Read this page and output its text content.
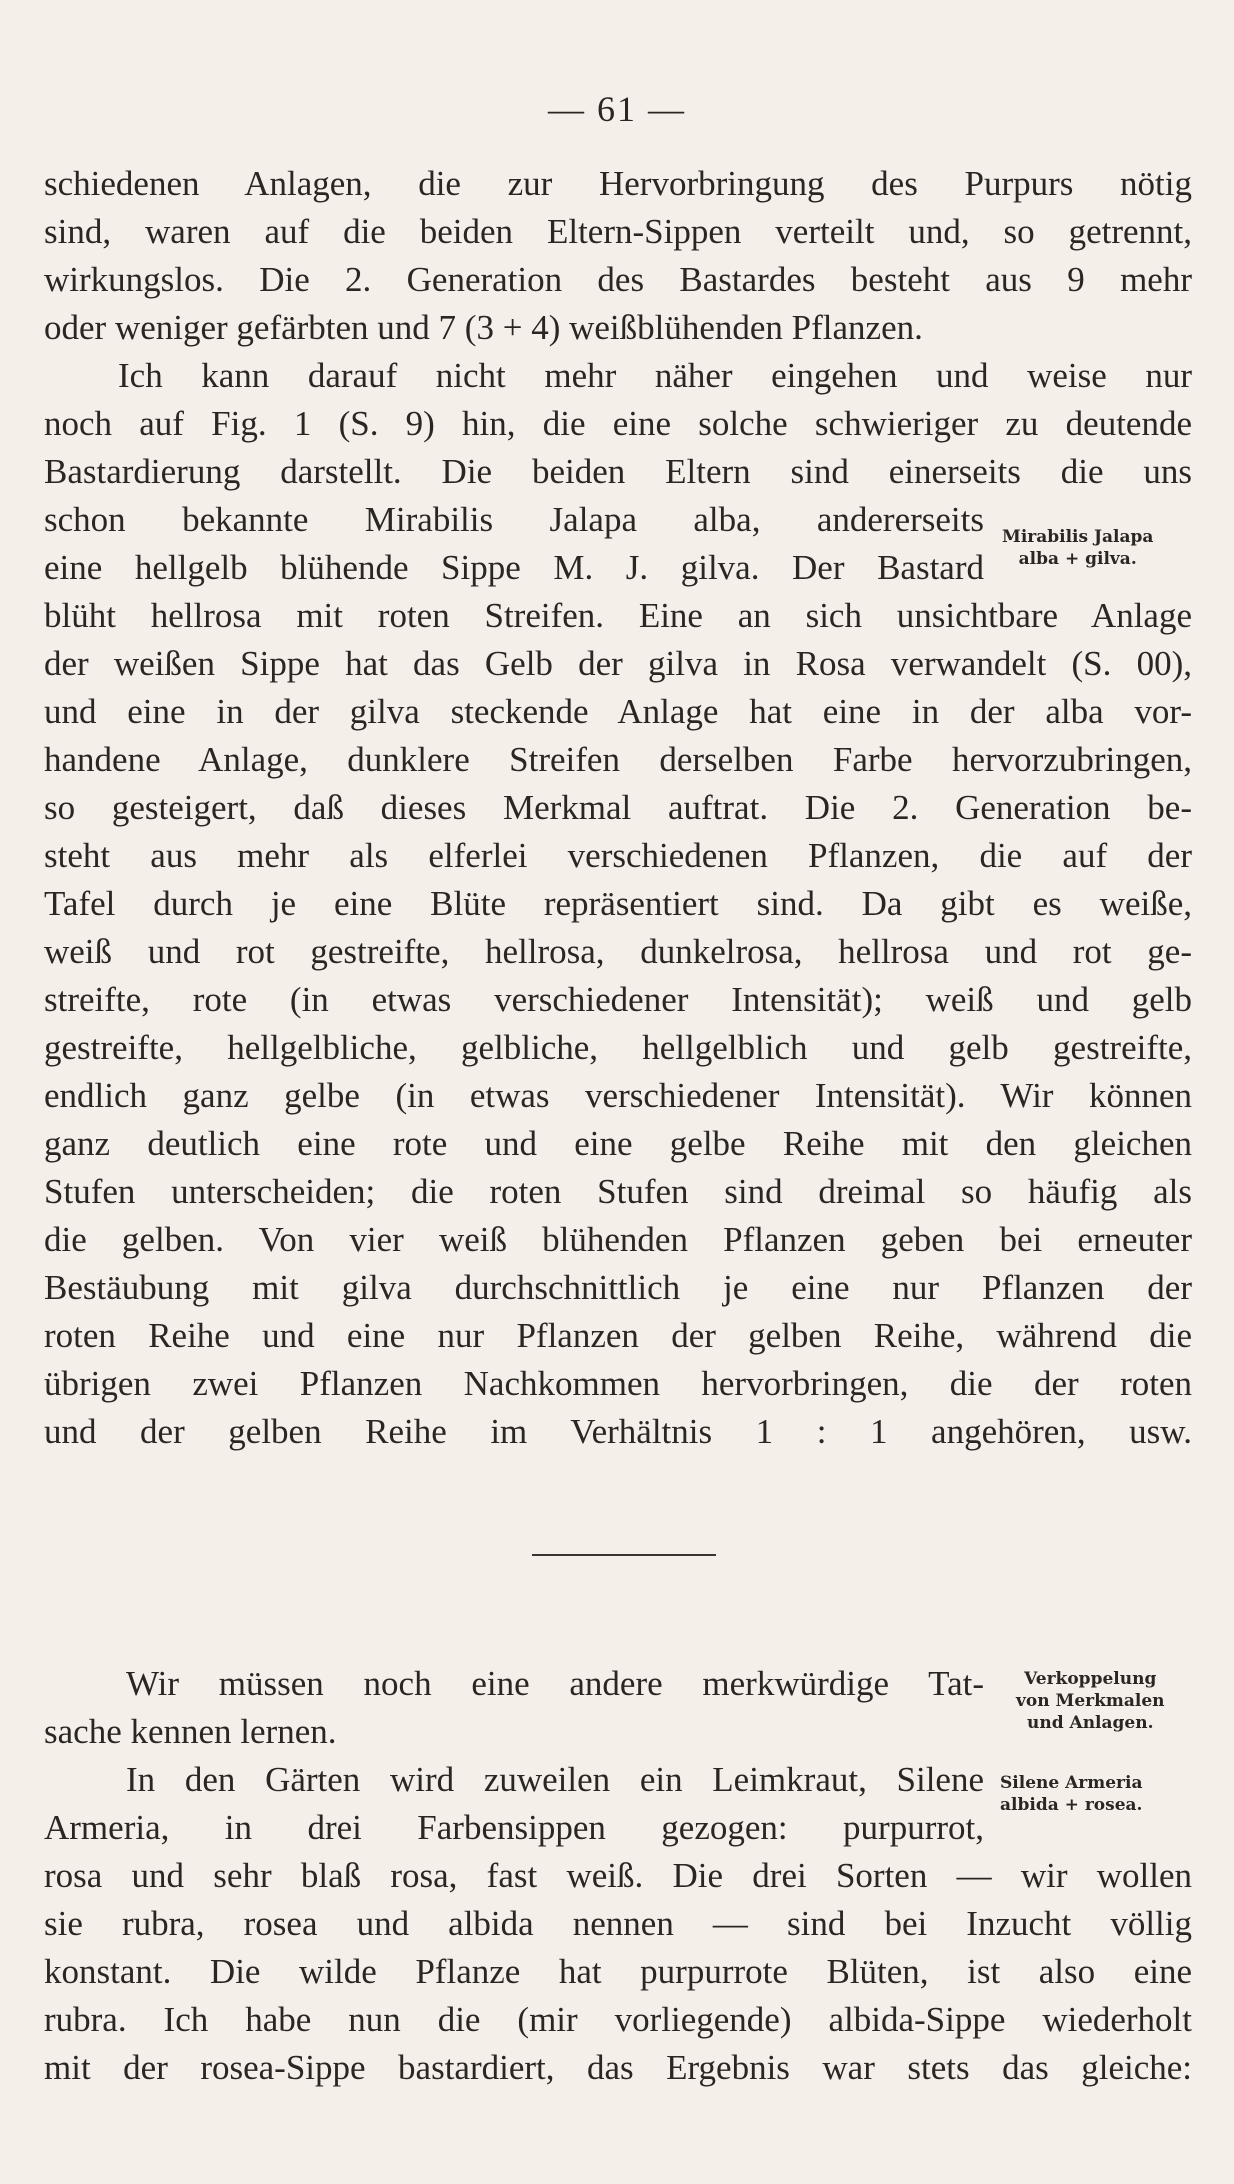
— 61 —
schiedenen Anlagen, die zur Hervorbringung des Purpurs nötig
sind, waren auf die beiden Eltern-Sippen verteilt und, so getrennt,
wirkungslos. Die 2. Generation des Bastardes besteht aus 9 mehr
oder weniger gefärbten und 7 (3 + 4) weißblühenden Pflanzen.
Ich kann darauf nicht mehr näher eingehen und weise nur
noch auf Fig. 1 (S. 9) hin, die eine solche schwieriger zu deutende
Bastardierung darstellt. Die beiden Eltern sind einerseits die uns
schon bekannte Mirabilis Jalapa alba, andererseits
eine hellgelb blühende Sippe M. J. gilva. Der Bastard
blüht hellrosa mit roten Streifen. Eine an sich unsichtbare Anlage
der weißen Sippe hat das Gelb der gilva in Rosa verwandelt (S. 00),
und eine in der gilva steckende Anlage hat eine in der alba vor-
handene Anlage, dunklere Streifen derselben Farbe hervorzubringen,
so gesteigert, daß dieses Merkmal auftrat. Die 2. Generation be-
steht aus mehr als elferlei verschiedenen Pflanzen, die auf der
Tafel durch je eine Blüte repräsentiert sind. Da gibt es weiße,
weiß und rot gestreifte, hellrosa, dunkelrosa, hellrosa und rot ge-
streifte, rote (in etwas verschiedener Intensität); weiß und gelb
gestreifte, hellgelbliche, gelbliche, hellgelblich und gelb gestreifte,
endlich ganz gelbe (in etwas verschiedener Intensität). Wir können
ganz deutlich eine rote und eine gelbe Reihe mit den gleichen
Stufen unterscheiden; die roten Stufen sind dreimal so häufig als
die gelben. Von vier weiß blühenden Pflanzen geben bei erneuter
Bestäubung mit gilva durchschnittlich je eine nur Pflanzen der
roten Reihe und eine nur Pflanzen der gelben Reihe, während die
übrigen zwei Pflanzen Nachkommen hervorbringen, die der roten
und der gelben Reihe im Verhältnis 1 : 1 angehören, usw.
Mirabilis Jalapa
alba + gilva.
Wir müssen noch eine andere merkwürdige Tat-
sache kennen lernen.
In den Gärten wird zuweilen ein Leimkraut, Silene
Armeria, in drei Farbensippen gezogen: purpurrot,
rosa und sehr blaß rosa, fast weiß. Die drei Sorten — wir wollen
sie rubra, rosea und albida nennen — sind bei Inzucht völlig
konstant. Die wilde Pflanze hat purpurrote Blüten, ist also eine
rubra. Ich habe nun die (mir vorliegende) albida-Sippe wiederholt
mit der rosea-Sippe bastardiert, das Ergebnis war stets das gleiche:
Verkoppelung
von Merkmalen
und Anlagen.
Silene Armeria
albida + rosea.
